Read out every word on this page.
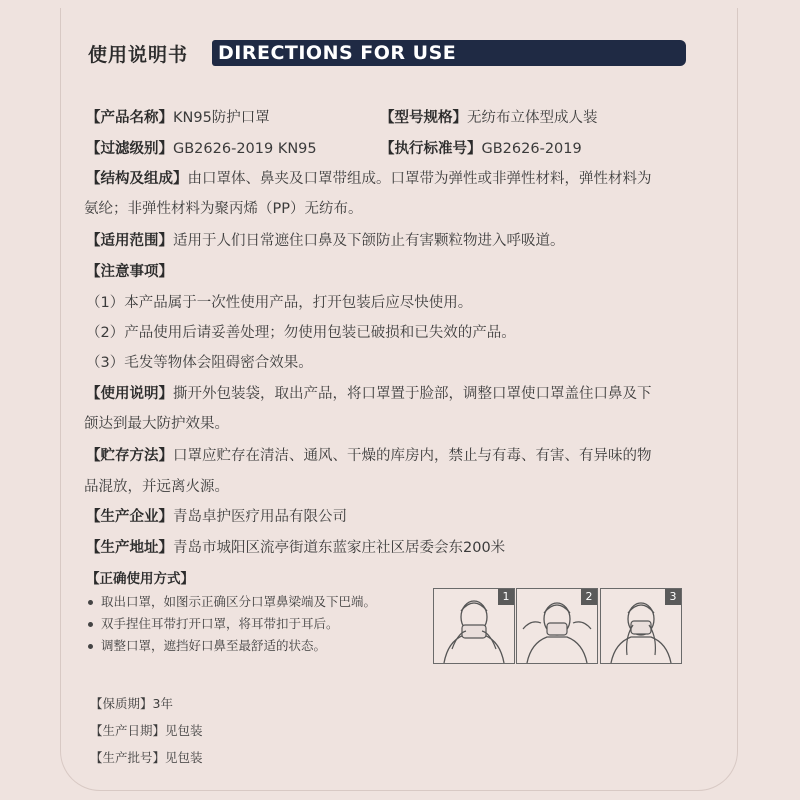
使用说明书 DIRECTIONS FOR USE
【产品名称】KN95防护口罩	【型号规格】无纺布立体型成人装
【过滤级别】GB2626-2019 KN95	【执行标准号】GB2626-2019
【结构及组成】由口罩体、鼻夹及口罩带组成。口罩带为弹性或非弹性材料，弹性材料为
氨纶；非弹性材料为聚丙烯（PP）无纺布。
【适用范围】适用于人们日常遮住口鼻及下颌防止有害颗粒物进入呼吸道。
【注意事项】
（1）本产品属于一次性使用产品，打开包装后应尽快使用。
（2）产品使用后请妥善处理；勿使用包装已破损和已失效的产品。
（3）毛发等物体会阻碍密合效果。
【使用说明】撕开外包装袋，取出产品，将口罩置于脸部，调整口罩使口罩盖住口鼻及下
颌达到最大防护效果。
【贮存方法】口罩应贮存在清洁、通风、干燥的库房内，禁止与有毒、有害、有异味的物
品混放，并远离火源。
【生产企业】青岛卓护医疗用品有限公司
【生产地址】青岛市城阳区流亭街道东蓝家庄社区居委会东200米
【正确使用方式】
取出口罩，如图示正确区分口罩鼻梁端及下巴端。
双手捏住耳带打开口罩，将耳带扣于耳后。
调整口罩，遮挡好口鼻至最舒适的状态。
1	2	3
【保质期】3年
【生产日期】见包装
【生产批号】见包装
